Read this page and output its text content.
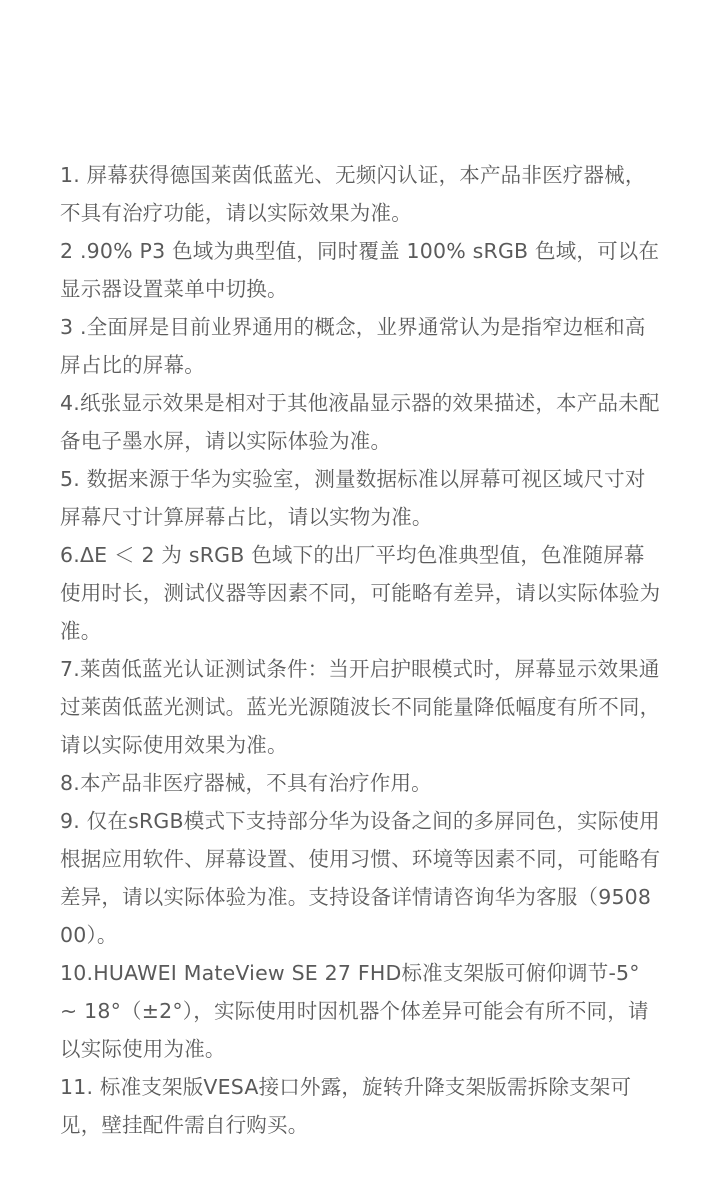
1. 屏幕获得德国莱茵低蓝光、无频闪认证，本产品非医疗器械，不具有治疗功能，请以实际效果为准。
2 .90% P3 色域为典型值，同时覆盖 100% sRGB 色域，可以在显示器设置菜单中切换。
3 .全面屏是目前业界通用的概念，业界通常认为是指窄边框和高屏占比的屏幕。
4.纸张显示效果是相对于其他液晶显示器的效果描述，本产品未配备电子墨水屏，请以实际体验为准。
5. 数据来源于华为实验室，测量数据标准以屏幕可视区域尺寸对屏幕尺寸计算屏幕占比，请以实物为准。
6.ΔE ＜ 2 为 sRGB 色域下的出厂平均色准典型值，色准随屏幕使用时长，测试仪器等因素不同，可能略有差异，请以实际体验为准。
7.莱茵低蓝光认证测试条件：当开启护眼模式时，屏幕显示效果通过莱茵低蓝光测试。蓝光光源随波长不同能量降低幅度有所不同，请以实际使用效果为准。
8.本产品非医疗器械，不具有治疗作用。
9. 仅在sRGB模式下支持部分华为设备之间的多屏同色，实际使用根据应用软件、屏幕设置、使用习惯、环境等因素不同，可能略有差异，请以实际体验为准。支持设备详情请咨询华为客服（950800）。
10.HUAWEI MateView SE 27 FHD标准支架版可俯仰调节-5° ~ 18°（±2°），实际使用时因机器个体差异可能会有所不同，请以实际使用为准。
11. 标准支架版VESA接口外露，旋转升降支架版需拆除支架可见，壁挂配件需自行购买。
